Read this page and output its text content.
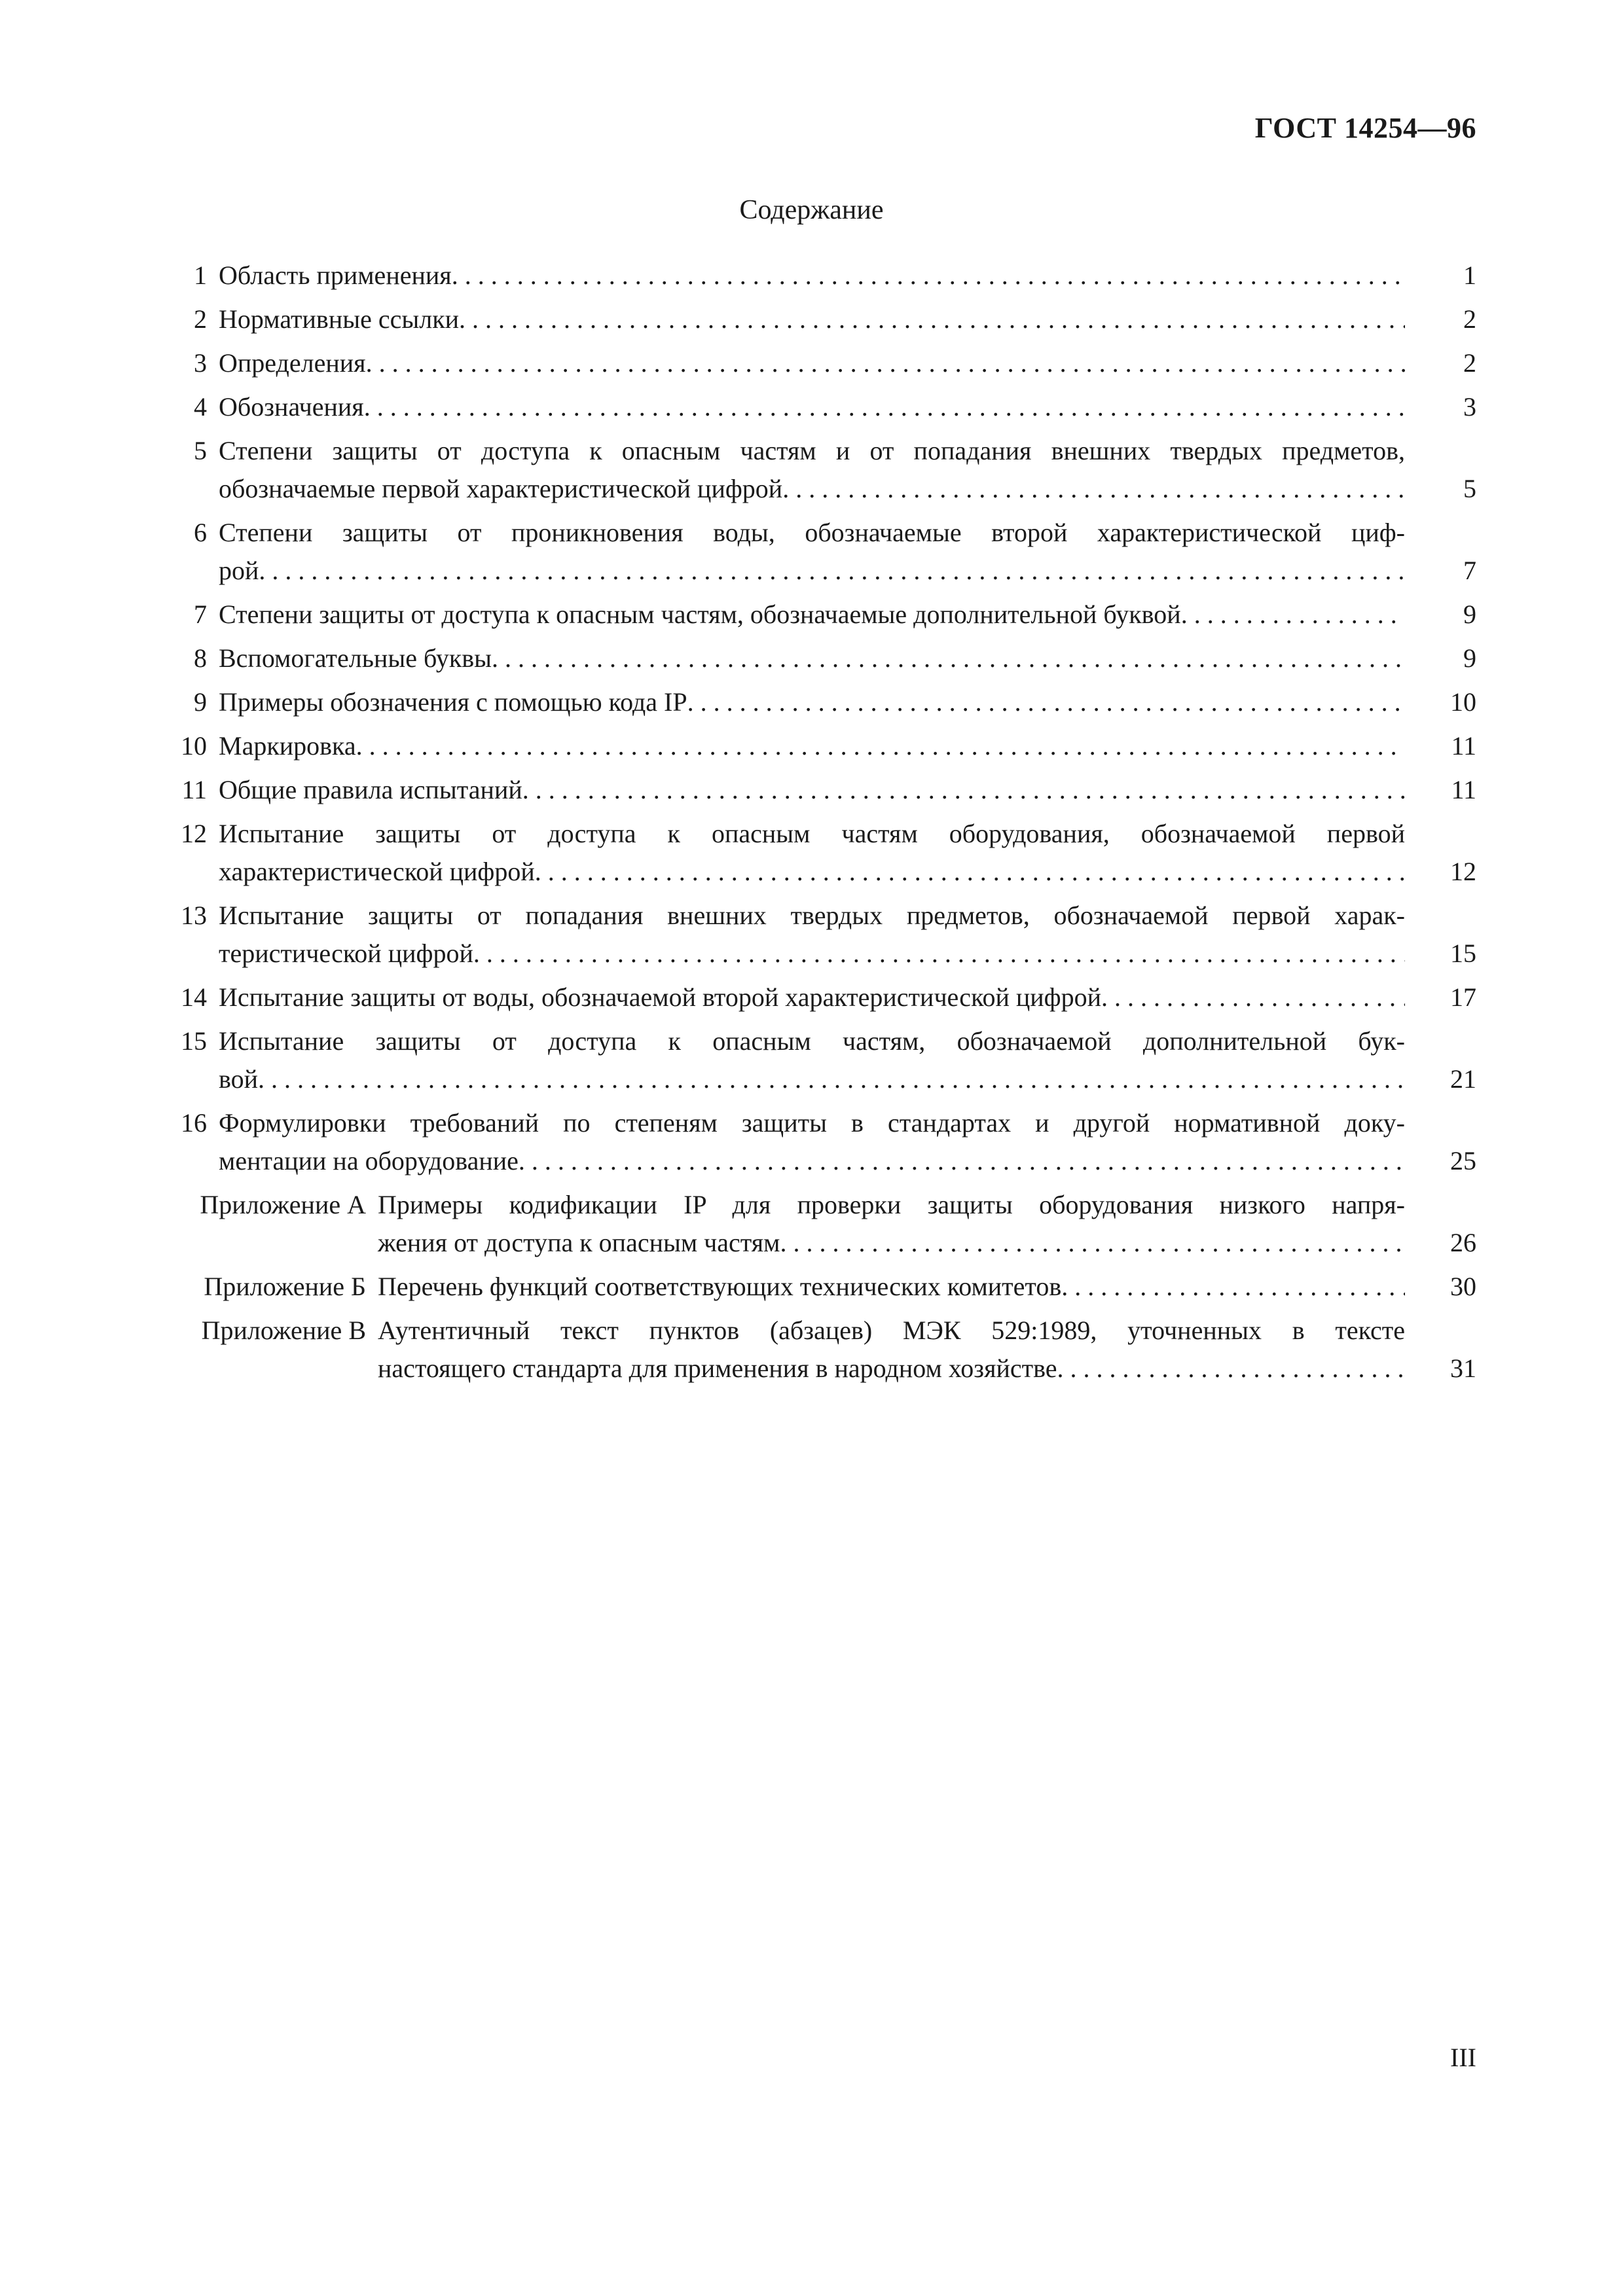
ГОСТ 14254—96
Содержание
1 Область применения . . .	1
2 Нормативные ссылки . . .	2
3 Определения . . .	2
4 Обозначения . . .	3
5 Степени защиты от доступа к опасным частям и от попадания внешних твердых предметов,
обозначаемые первой характеристической цифрой . . .	5
6 Степени защиты от проникновения воды, обозначаемые второй характеристической циф-
рой . . .	7
7 Степени защиты от доступа к опасным частям, обозначаемые дополнительной буквой . . .	9
8 Вспомогательные буквы . . .	9
9 Примеры обозначения с помощью кода IP . . .	10
10 Маркировка . . .	11
11 Общие правила испытаний . . .	11
12 Испытание защиты от доступа к опасным частям оборудования, обозначаемой первой
характеристической цифрой . . .	12
13 Испытание защиты от попадания внешних твердых предметов, обозначаемой первой харак-
теристической цифрой . . .	15
14 Испытание защиты от воды, обозначаемой второй характеристической цифрой . . .	17
15 Испытание защиты от доступа к опасным частям, обозначаемой дополнительной бук-
вой . . .	21
16 Формулировки требований по степеням защиты в стандартах и другой нормативной доку-
ментации на оборудование . . .	25
Приложение А Примеры кодификации IP для проверки защиты оборудования низкого напря-
жения от доступа к опасным частям . . .	26
Приложение Б Перечень функций соответствующих технических комитетов . . .	30
Приложение В Аутентичный текст пунктов (абзацев) МЭК 529:1989, уточненных в тексте
настоящего стандарта для применения в народном хозяйстве . . .	31
III
